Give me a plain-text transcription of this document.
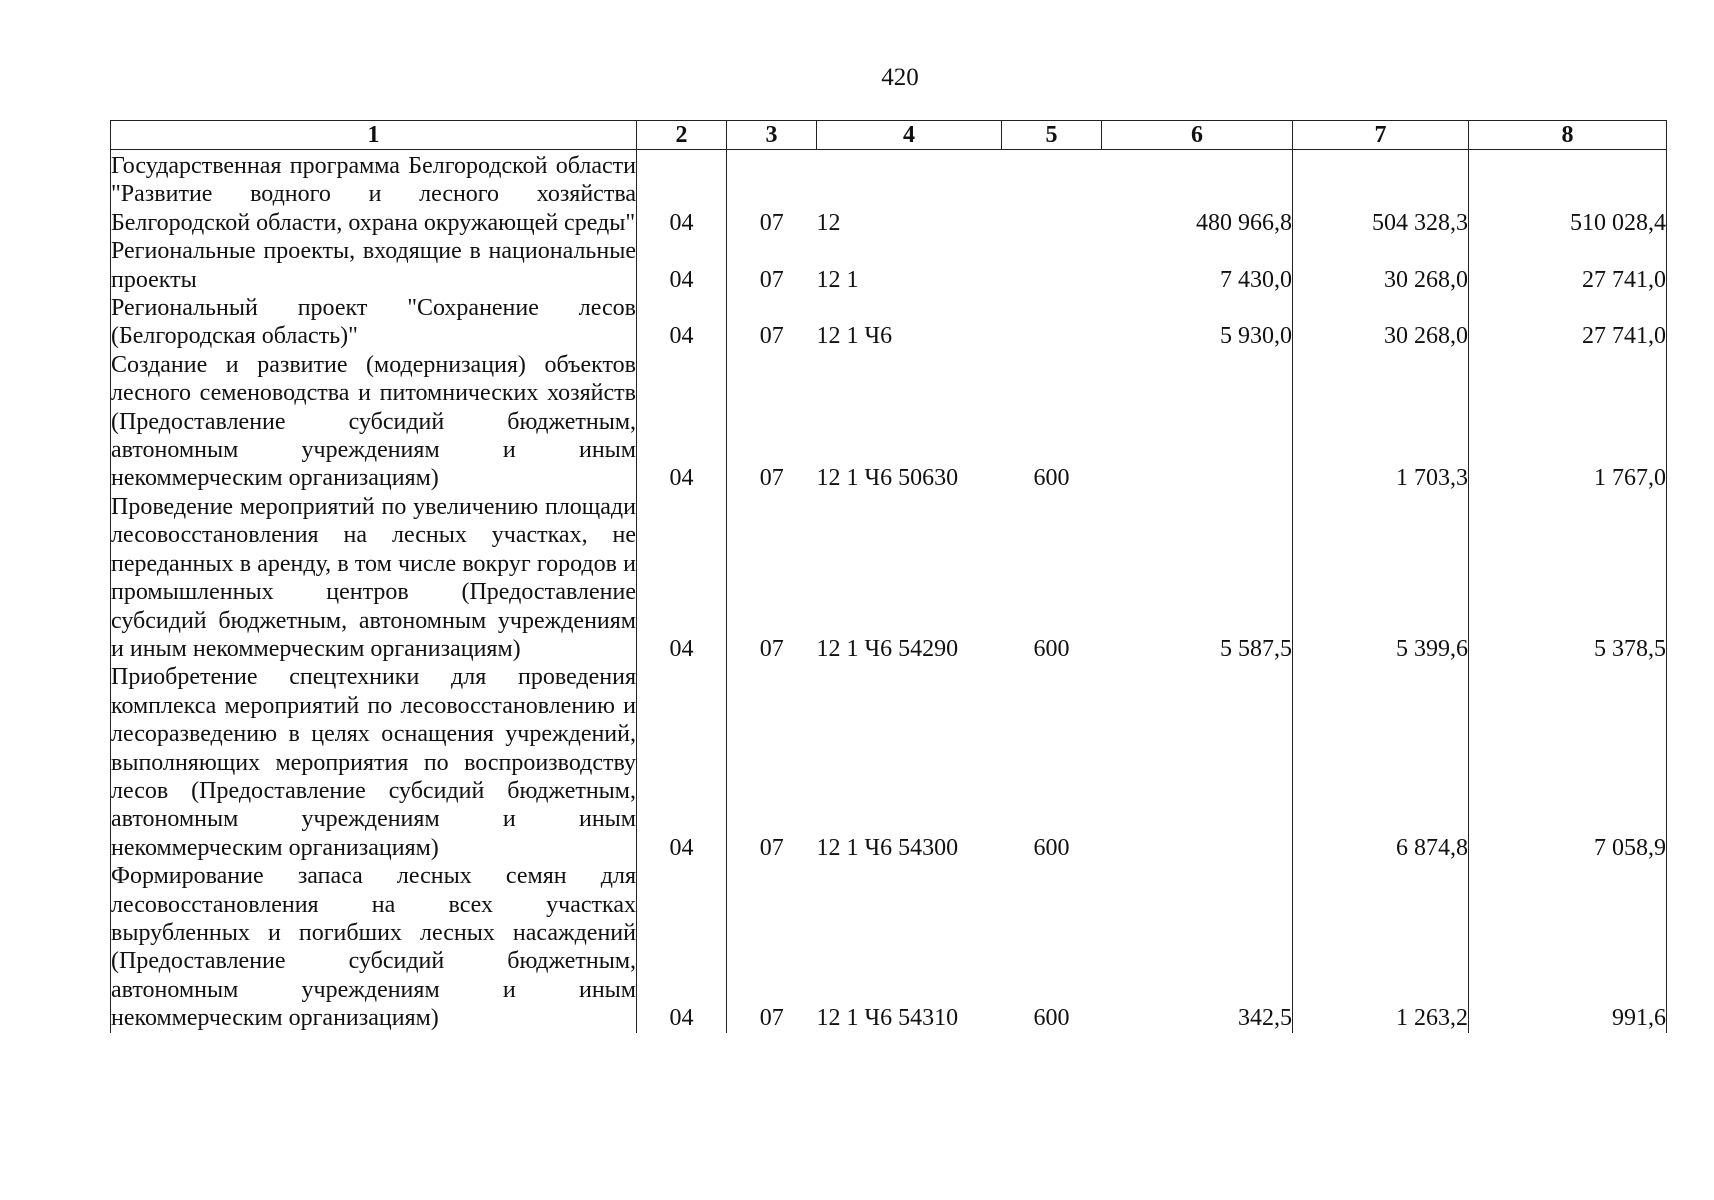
420
1	2	3	4	5	6	7	8
Государственная программа Белгородской области "Развитие водного и лесного хозяйства Белгородской области, охрана окружающей среды"	04	07	12		480 966,8	504 328,3	510 028,4
Региональные проекты, входящие в национальные проекты	04	07	12 1		7 430,0	30 268,0	27 741,0
Региональный проект "Сохранение лесов (Белгородская область)"	04	07	12 1 Ч6		5 930,0	30 268,0	27 741,0
Создание и развитие (модернизация) объектов лесного семеноводства и питомнических хозяйств (Предоставление субсидий бюджетным, автономным учреждениям и иным некоммерческим организациям)	04	07	12 1 Ч6 50630	600		1 703,3	1 767,0
Проведение мероприятий по увеличению площади лесовосстановления на лесных участках, не переданных в аренду, в том числе вокруг городов и промышленных центров (Предоставление субсидий бюджетным, автономным учреждениям и иным некоммерческим организациям)	04	07	12 1 Ч6 54290	600	5 587,5	5 399,6	5 378,5
Приобретение спецтехники для проведения комплекса мероприятий по лесовосстановлению и лесоразведению в целях оснащения учреждений, выполняющих мероприятия по воспроизводству лесов (Предоставление субсидий бюджетным, автономным учреждениям и иным некоммерческим организациям)	04	07	12 1 Ч6 54300	600		6 874,8	7 058,9
Формирование запаса лесных семян для лесовосстановления на всех участках вырубленных и погибших лесных насаждений (Предоставление субсидий бюджетным, автономным учреждениям и иным некоммерческим организациям)	04	07	12 1 Ч6 54310	600	342,5	1 263,2	991,6
